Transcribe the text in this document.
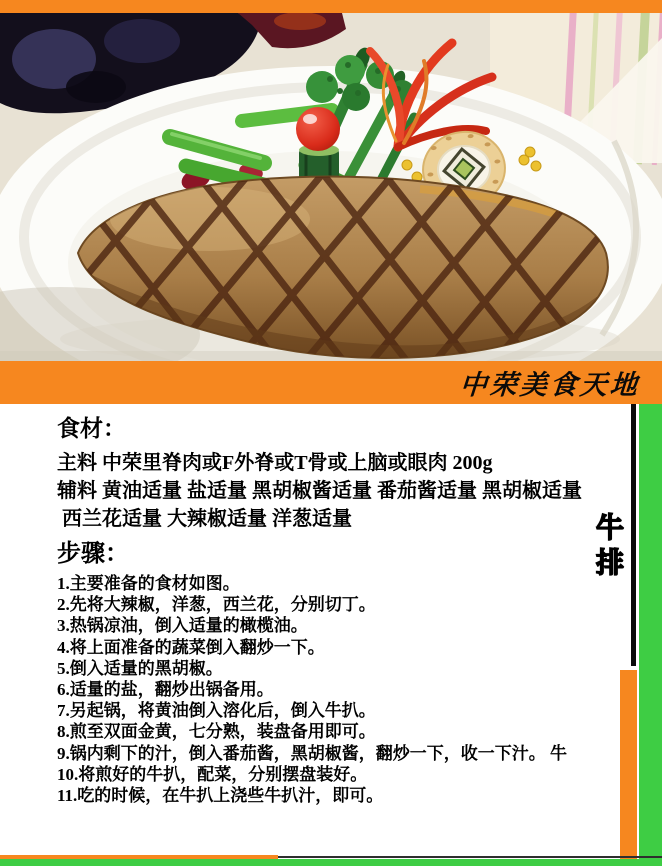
中荣美食天地
食材：

主料 中荣里脊肉或F外脊或T骨或上脑或眼肉 200g

辅料 黄油适量 盐适量 黑胡椒酱适量 番茄酱适量 黑胡椒适量

西兰花适量 大辣椒适量 洋葱适量

步骤：

1.主要准备的食材如图。

2.先将大辣椒，洋葱，西兰花，分别切丁。

3.热锅凉油，倒入适量的橄榄油。

4.将上面准备的蔬菜倒入翻炒一下。

5.倒入适量的黑胡椒。

6.适量的盐，翻炒出锅备用。

7.另起锅，将黄油倒入溶化后，倒入牛扒。

8.煎至双面金黄，七分熟，装盘备用即可。

9.锅内剩下的汁，倒入番茄酱，黑胡椒酱，翻炒一下，收一下汁。 牛

10.将煎好的牛扒，配菜，分别摆盘装好。

11.吃的时候，在牛扒上浇些牛扒汁，即可。

牛
排
